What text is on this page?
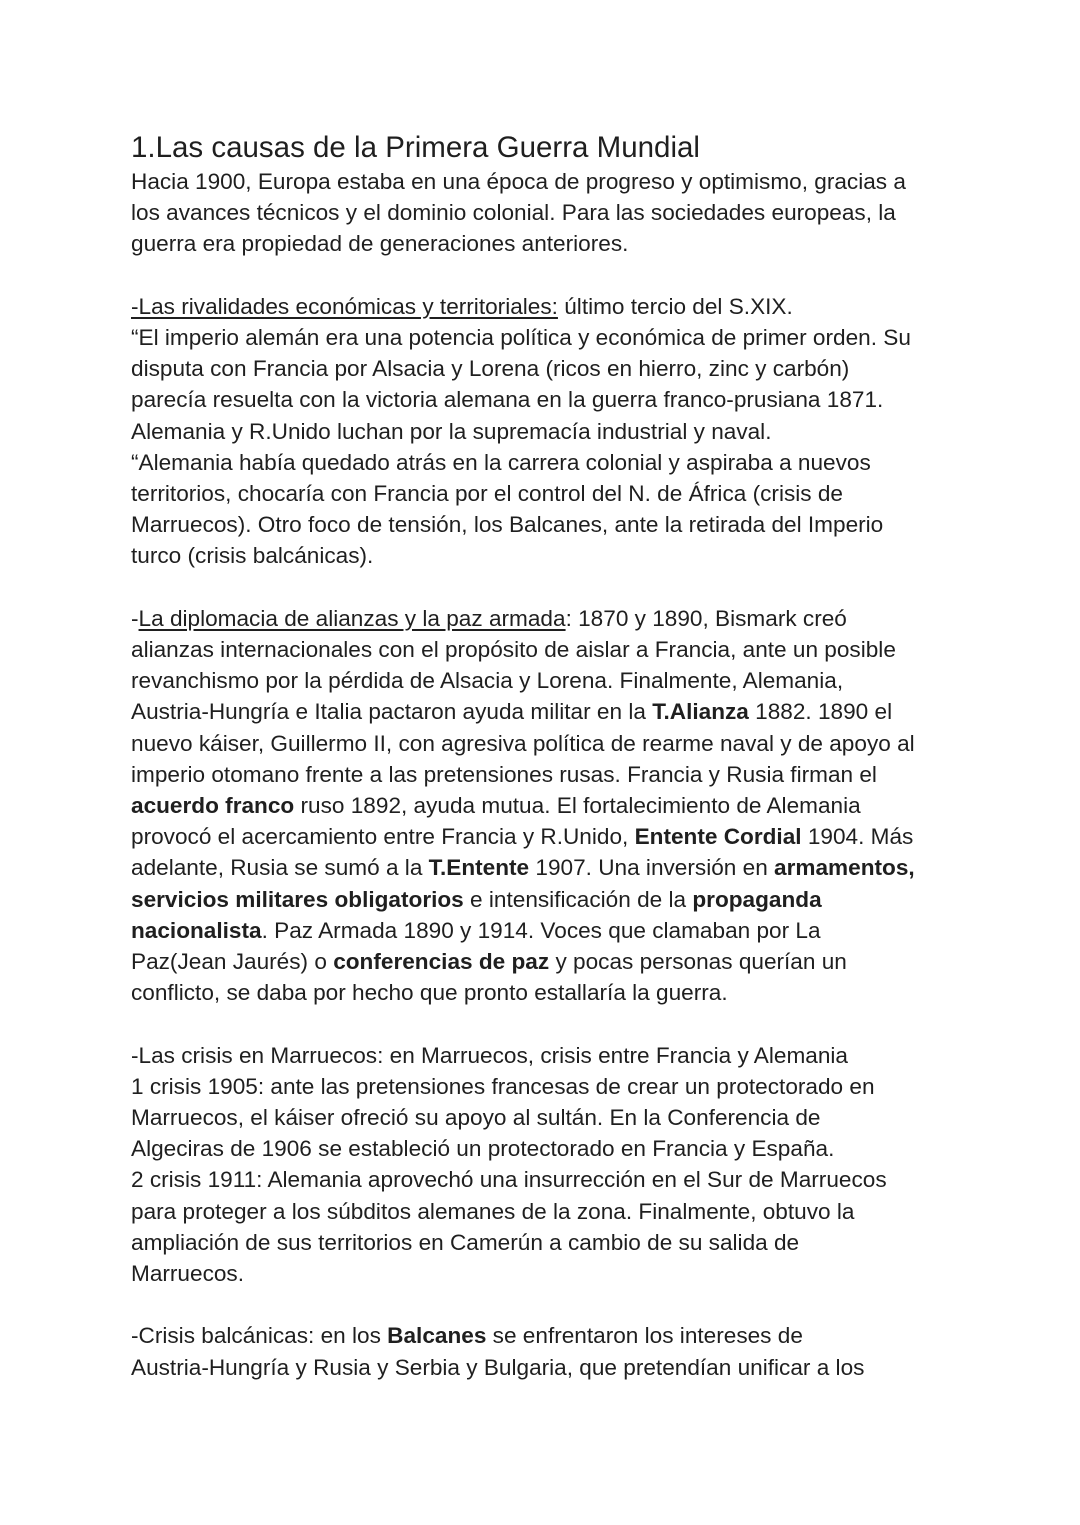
1.Las causas de la Primera Guerra Mundial

Hacia 1900, Europa estaba en una época de progreso y optimismo, gracias a

los avances técnicos y el dominio colonial. Para las sociedades europeas, la

guerra era propiedad de generaciones anteriores.

-Las rivalidades económicas y territoriales: último tercio del S.XIX.

“El imperio alemán era una potencia política y económica de primer orden. Su

disputa con Francia por Alsacia y Lorena (ricos en hierro, zinc y carbón)

parecía resuelta con la victoria alemana en la guerra franco-prusiana 1871.

Alemania y R.Unido luchan por la supremacía industrial y naval.

“Alemania había quedado atrás en la carrera colonial y aspiraba a nuevos

territorios, chocaría con Francia por el control del N. de África (crisis de

Marruecos). Otro foco de tensión, los Balcanes, ante la retirada del Imperio

turco (crisis balcánicas).

-La diplomacia de alianzas y la paz armada: 1870 y 1890, Bismark creó

alianzas internacionales con el propósito de aislar a Francia, ante un posible

revanchismo por la pérdida de Alsacia y Lorena. Finalmente, Alemania,

Austria-Hungría e Italia pactaron ayuda militar en la T.Alianza 1882. 1890 el

nuevo káiser, Guillermo II, con agresiva política de rearme naval y de apoyo al

imperio otomano frente a las pretensiones rusas. Francia y Rusia firman el

acuerdo franco ruso 1892, ayuda mutua. El fortalecimiento de Alemania

provocó el acercamiento entre Francia y R.Unido, Entente Cordial 1904. Más

adelante, Rusia se sumó a la T.Entente 1907. Una inversión en armamentos,

servicios militares obligatorios e intensificación de la propaganda

nacionalista. Paz Armada 1890 y 1914. Voces que clamaban por La

Paz(Jean Jaurés) o conferencias de paz y pocas personas querían un

conflicto, se daba por hecho que pronto estallaría la guerra.

-Las crisis en Marruecos: en Marruecos, crisis entre Francia y Alemania

1 crisis 1905: ante las pretensiones francesas de crear un protectorado en

Marruecos, el káiser ofreció su apoyo al sultán. En la Conferencia de

Algeciras de 1906 se estableció un protectorado en Francia y España.

2 crisis 1911: Alemania aprovechó una insurrección en el Sur de Marruecos

para proteger a los súbditos alemanes de la zona. Finalmente, obtuvo la

ampliación de sus territorios en Camerún a cambio de su salida de

Marruecos.

-Crisis balcánicas: en los Balcanes se enfrentaron los intereses de

Austria-Hungría y Rusia y Serbia y Bulgaria, que pretendían unificar a los
